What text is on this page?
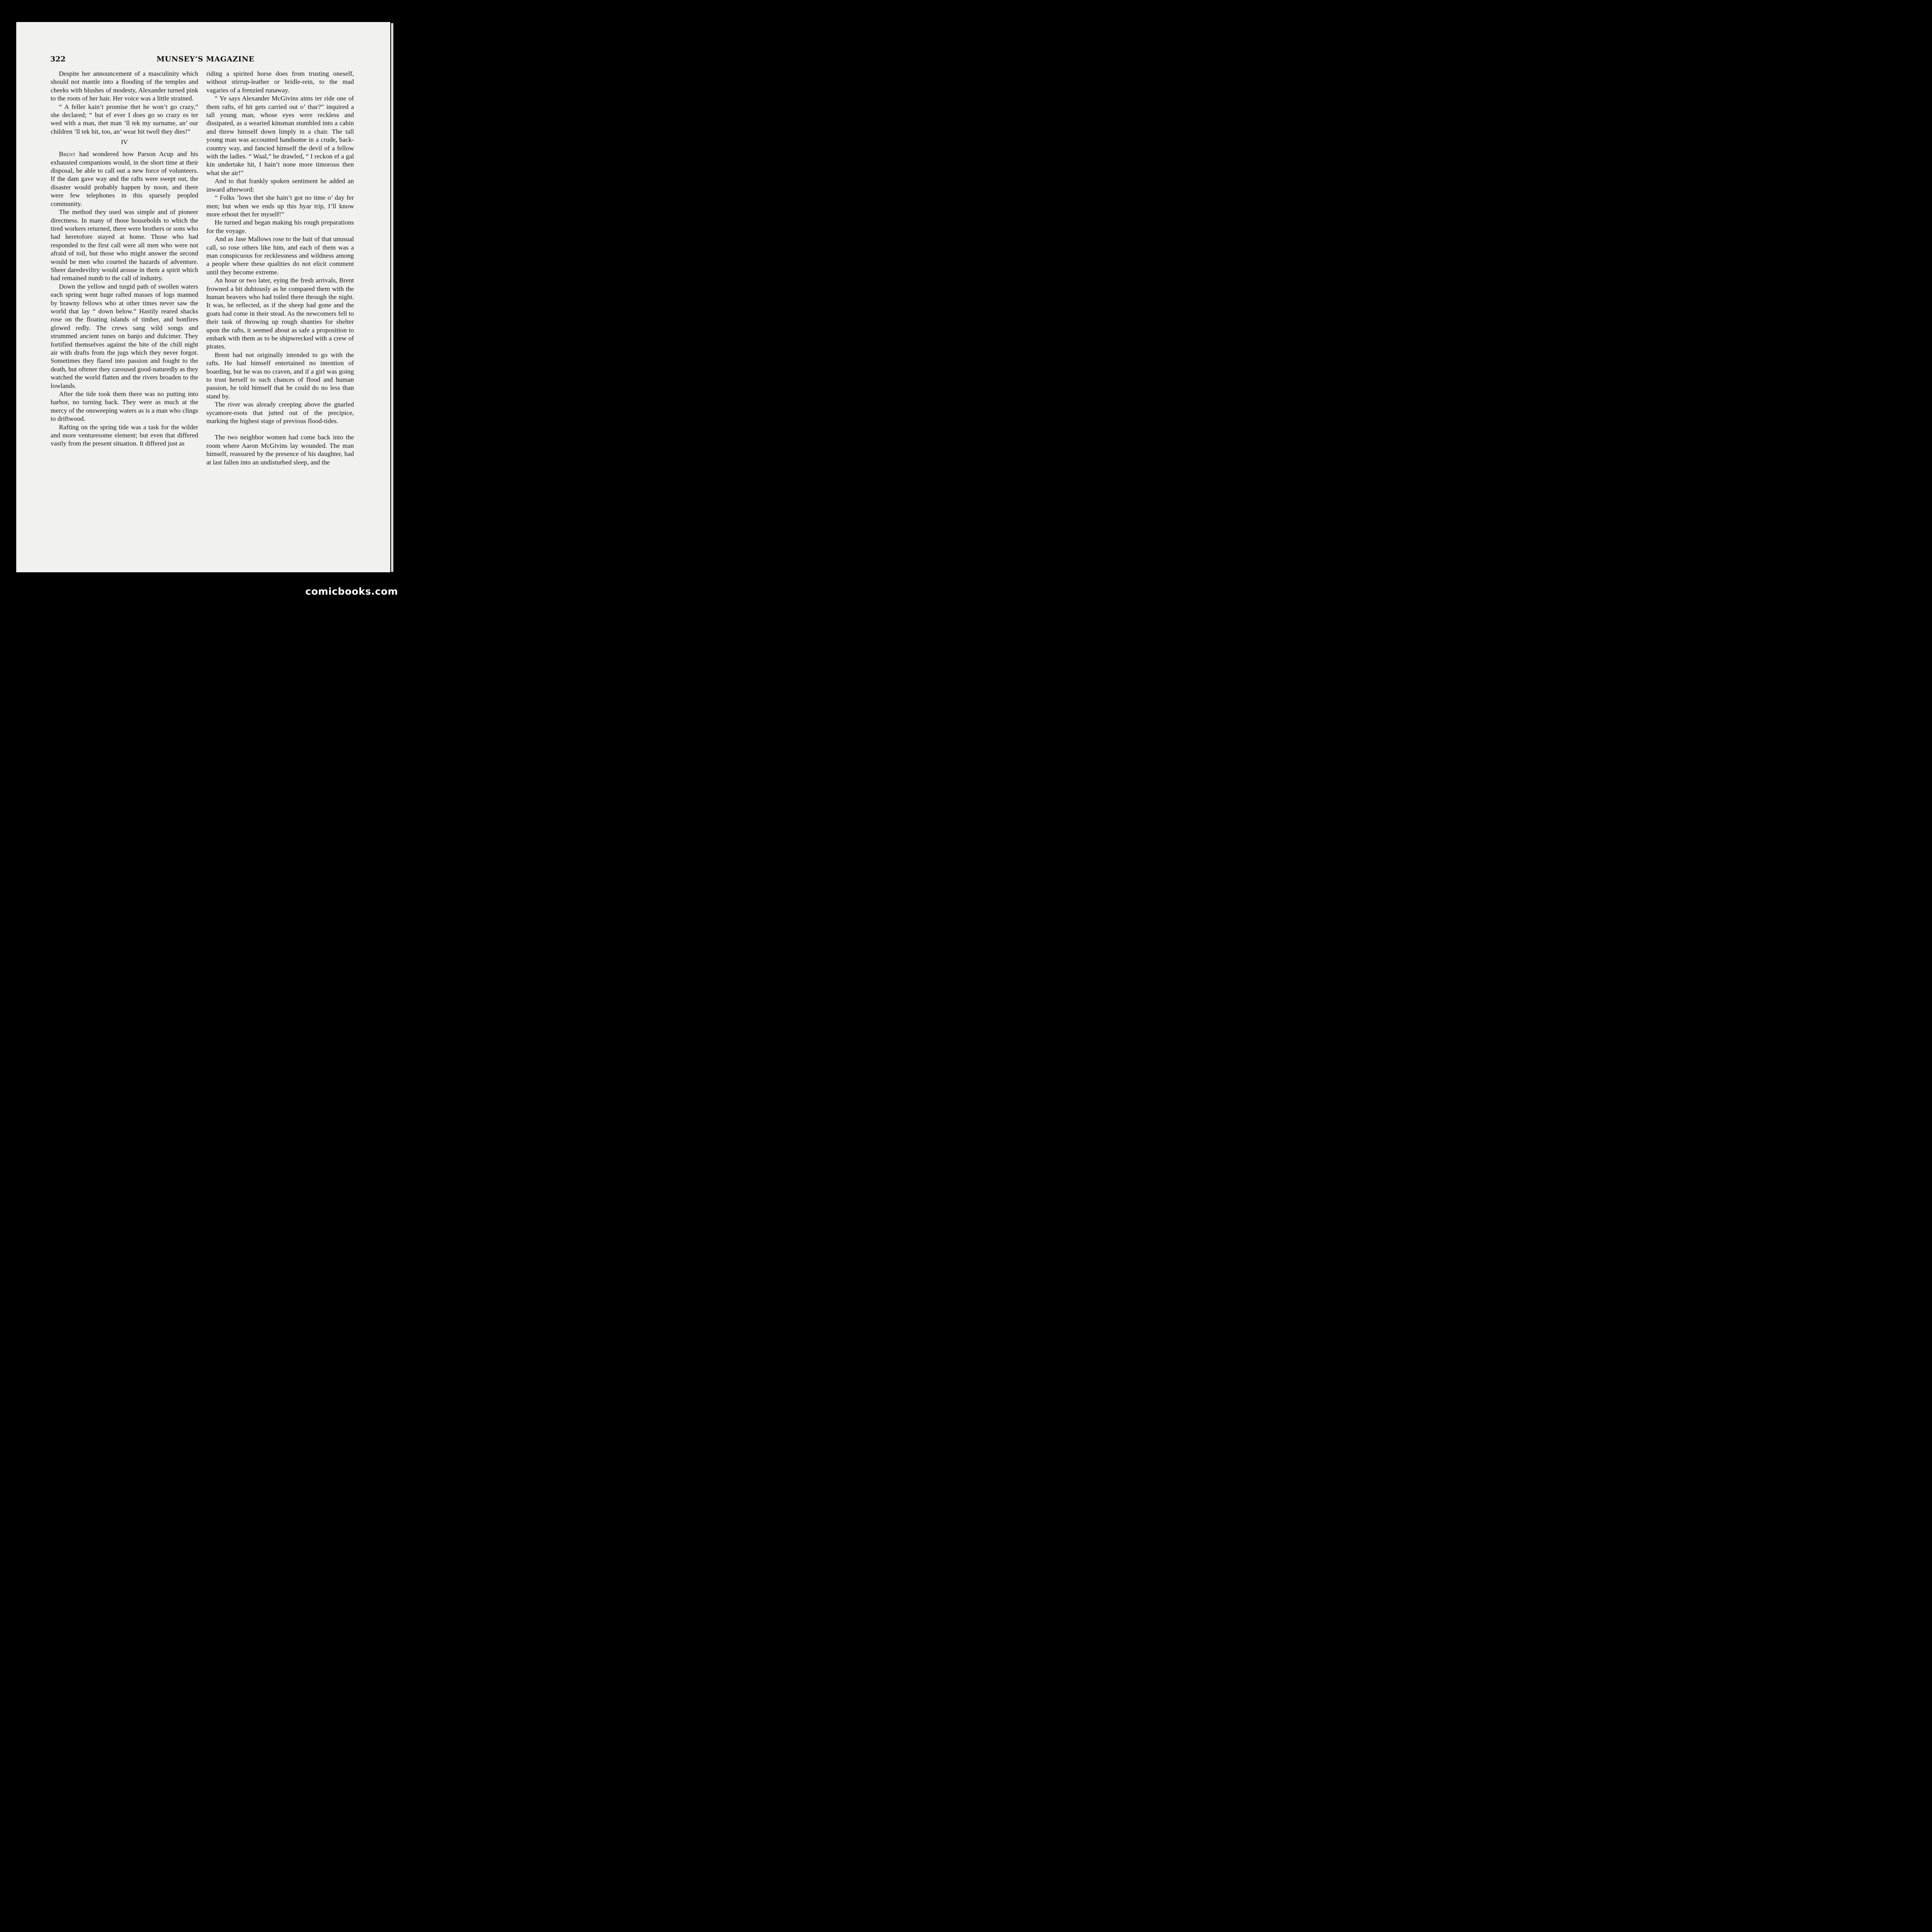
322	MUNSEY’S MAGAZINE

Despite her announcement of a masculinity which should not mantle into a flooding of the temples and cheeks with blushes of modesty, Alexander turned pink to the roots of her hair. Her voice was a little strained.

“ A feller kain’t promise thet he won’t go crazy,” she declared; “ but ef ever I does go so crazy es ter wed with a man, thet man ’ll tek my surname, an’ our children ’ll tek hit, too, an’ wear hit twell they dies!”

IV

Brent had wondered how Parson Acup and his exhausted companions would, in the short time at their disposal, be able to call out a new force of volunteers. If the dam gave way and the rafts were swept out, the disaster would probably happen by noon, and there were few telephones in this sparsely peopled community.

The method they used was simple and of pioneer directness. In many of those households to which the tired workers returned, there were brothers or sons who had heretofore stayed at home. Those who had responded to the first call were all men who were not afraid of toil, but those who might answer the second would be men who courted the hazards of adventure. Sheer daredeviltry would arouse in them a spirit which had remained numb to the call of industry.

Down the yellow and turgid path of swollen waters each spring went huge rafted masses of logs manned by brawny fellows who at other times never saw the world that lay “ down below.” Hastily reared shacks rose on the floating islands of timber, and bonfires glowed redly. The crews sang wild songs and strummed ancient tunes on banjo and dulcimer. They fortified themselves against the bite of the chill night air with drafts from the jugs which they never forgot. Sometimes they flared into passion and fought to the death, but oftener they caroused good-naturedly as they watched the world flatten and the rivers broaden to the lowlands.

After the tide took them there was no putting into harbor, no turning back. They were as much at the mercy of the onsweeping waters as is a man who clings to driftwood.

Rafting on the spring tide was a task for the wilder and more venturesome element; but even that differed vastly from the present situation. It differed just as

riding a spirited horse does from trusting oneself, without stirrup-leather or bridle-rein, to the mad vagaries of a frenzied runaway.

“ Ye says Alexander McGivins aims ter ride one of them rafts, ef hit gets carried out o’ thar?” inquired a tall young man, whose eyes were reckless and dissipated, as a wearied kinsman stumbled into a cabin and threw himself down limply in a chair. The tall young man was accounted handsome in a crude, back-country way, and fancied himself the devil of a fellow with the ladies. “ Waal,” he drawled, “ I reckon ef a gal kin undertake hit, I hain’t none more timorous then what she air!”

And to that frankly spoken sentiment he added an inward afterword:

“ Folks ’lows thet she hain’t got no time o’ day fer men; but when we ends up this hyar trip, I’ll know more erbout thet fer myself!”

He turned and began making his rough preparations for the voyage.

And as Jase Mallows rose to the bait of that unusual call, so rose others like him, and each of them was a man conspicuous for recklessness and wildness among a people where these qualities do not elicit comment until they become extreme.

An hour or two later, eying the fresh arrivals, Brent frowned a bit dubiously as he compared them with the human beavers who had toiled there through the night. It was, he reflected, as if the sheep had gone and the goats had come in their stead. As the newcomers fell to their task of throwing up rough shanties for shelter upon the rafts, it seemed about as safe a proposition to embark with them as to be shipwrecked with a crew of pirates.

Brent had not originally intended to go with the rafts. He had himself entertained no intention of boarding, but he was no craven, and if a girl was going to trust herself to such chances of flood and human passion, he told himself that he could do no less than stand by.

The river was already creeping above the gnarled sycamore-roots that jutted out of the precipice, marking the highest stage of previous flood-tides.

The two neighbor women had come back into the room where Aaron McGivins lay wounded. The man himself, reassured by the presence of his daughter, had at last fallen into an undisturbed sleep, and the

comicbooks.com
